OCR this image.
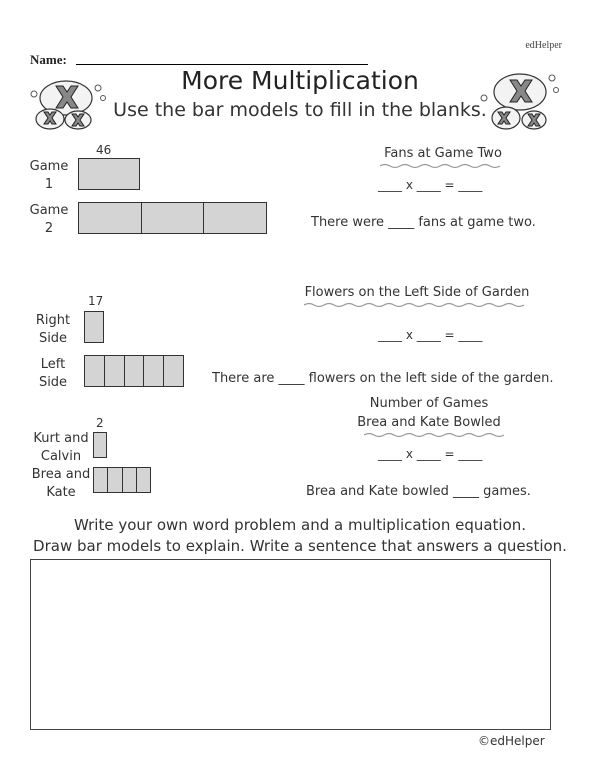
edHelper
Name:
More Multiplication
Use the bar models to fill in the blanks.
46
Game
1
Game
2
Fans at Game Two
____ x ____ = ____
There were ____ fans at game two.
Flowers on the Left Side of Garden
17
Right
Side
Left
Side
____ x ____ = ____
There are ____ flowers on the left side of the garden.
Number of Games
Brea and Kate Bowled
2
Kurt and
Calvin
Brea and
Kate
____ x ____ = ____
Brea and Kate bowled ____ games.
Write your own word problem and a multiplication equation.
Draw bar models to explain. Write a sentence that answers a question.
©edHelper
